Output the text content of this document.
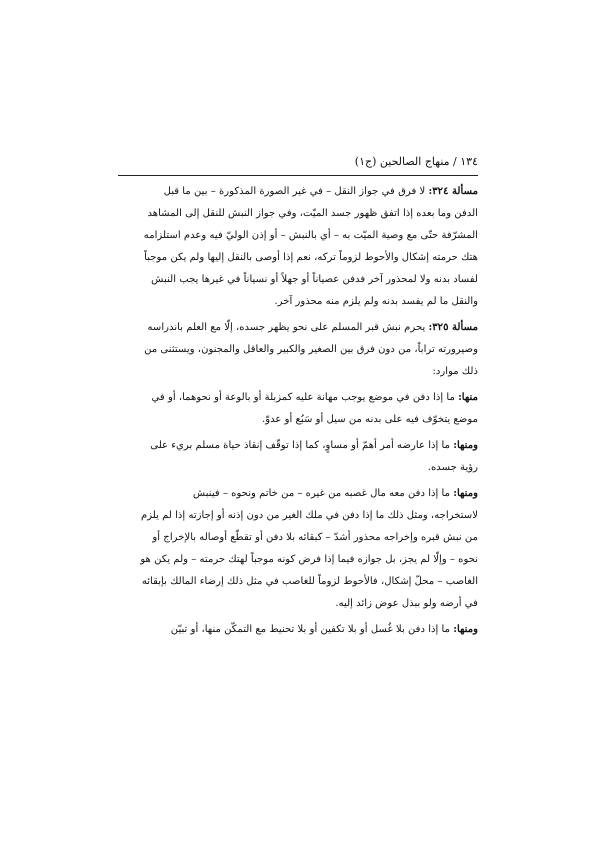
١٣٤ / منهاج الصالحين (ج١)
مسألة ٣٢٤: لا فرق في جواز النقل – في غير الصورة المذكورة – بين ما قبل
الدفن وما بعده إذا اتفق ظهور جسد الميّت، وفي جواز النبش للنقل إلى المشاهد
المشرّفة حتّى مع وصية الميّت به – أي بالنبش – أو إذن الوليّ فيه وعدم استلزامه
هتك حرمته إشكال والأحوط لزوماً تركه، نعم إذا أوصى بالنقل إليها ولم يكن موجباً
لفساد بدنه ولا لمحذور آخر فدفن عصياناً أو جهلاً أو نسياناً في غيرها يجب النبش
والنقل ما لم يفسد بدنه ولم يلزم منه محذور آخر.
مسألة ٣٢٥: يحرم نبش قبر المسلم على نحو يظهر جسده، إلّا مع العلم باندراسه
وصيرورته تراباً، من دون فرق بين الصغير والكبير والعاقل والمجنون، ويستثنى من
ذلك موارد:
منها: ما إذا دفن في موضع يوجب مهانة عليه كمزبلة أو بالوعة أو نحوهما، أو في
موضع يتخوّف فيه على بدنه من سيل أو سَبُع أو عدوّ.
ومنها: ما إذا عارضه أمر أهمّ أو مساوٍ، كما إذا توقّف إنقاذ حياة مسلم بريء على
رؤية جسده.
ومنها: ما إذا دفن معه مال غصبه من غيره – من خاتم ونحوه – فينبش
لاستخراجه، ومثل ذلك ما إذا دفن في ملك الغير من دون إذنه أو إجازته إذا لم يلزم
من نبش قبره وإخراجه محذور أشدّ – كبقائه بلا دفن أو تقطّع أوصاله بالإخراج أو
نحوه – وإلّا لم يجز، بل جوازه فيما إذا فرض كونه موجباً لهتك حرمته – ولم يكن هو
الغاصب – محلّ إشكال، فالأحوط لزوماً للغاصب في مثل ذلك إرضاء المالك بإبقائه
في أرضه ولو ببذل عوض زائد إليه.
ومنها: ما إذا دفن بلا غُسل أو بلا تكفين أو بلا تحنيط مع التمكّن منها، أو تبيّن
